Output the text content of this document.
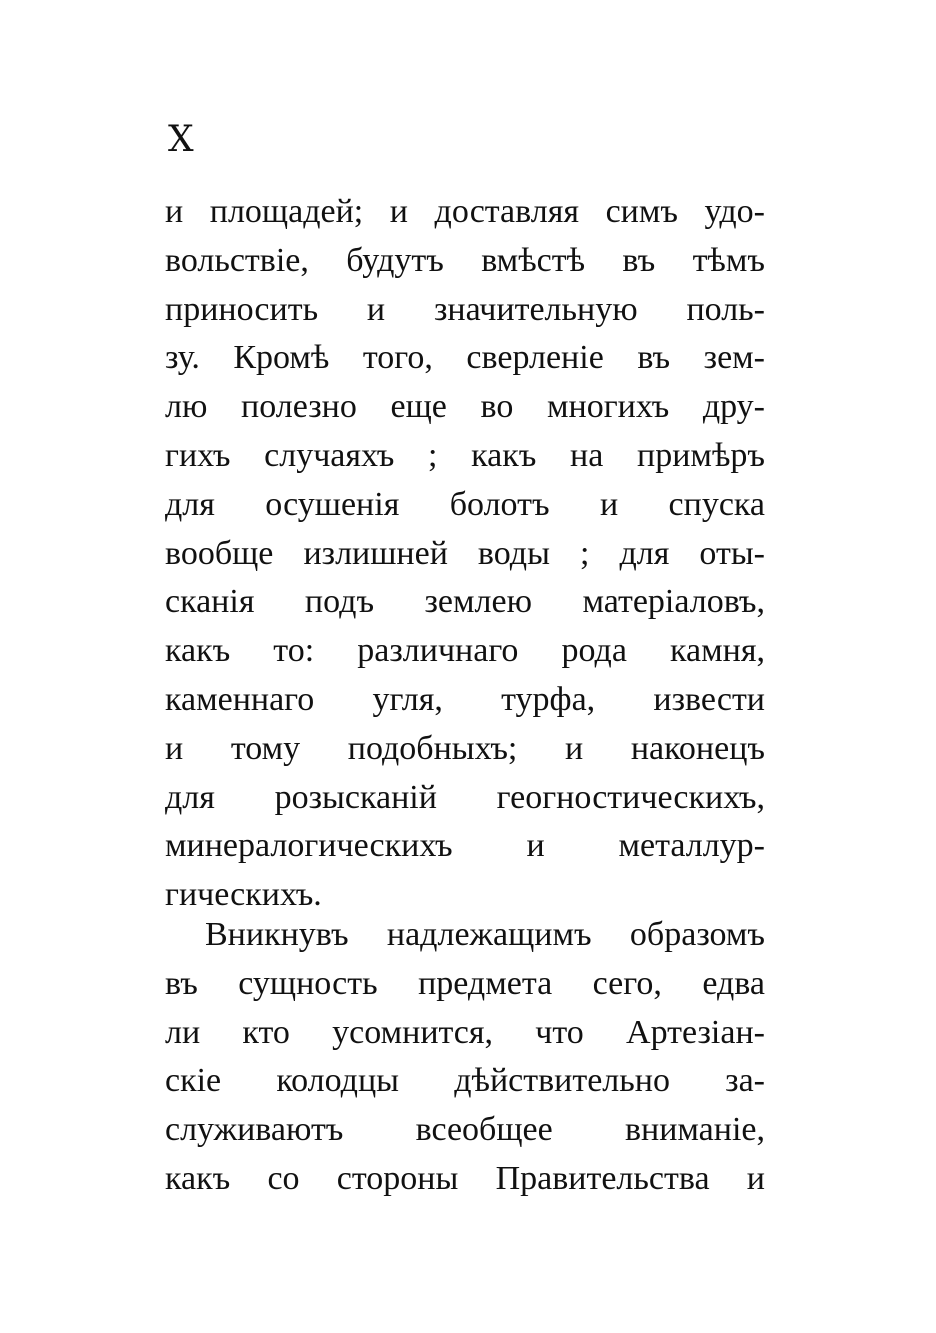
X
и площадей; и доставляя симъ удо-
вольствіе, будутъ вмѣстѣ въ тѣмъ
приносить и значительную поль-
зу. Кромѣ того, сверленіе въ зем-
лю полезно еще во многихъ дру-
гихъ случаяхъ ; какъ на примѣръ
для осушенія болотъ и спуска
вообще излишней воды ; для оты-
сканія подъ землею матеріаловъ,
какъ то: различнаго рода камня,
каменнаго угля, турфа, извести
и тому подобныхъ; и наконецъ
для розысканій геогностическихъ,
минералогическихъ и металлур-
гическихъ.
Вникнувъ надлежащимъ образомъ
въ сущность предмета сего, едва
ли кто усомнится, что Артезіан-
скіе колодцы дѣйствительно за-
служиваютъ всеобщее вниманіе,
какъ со стороны Правительства и
